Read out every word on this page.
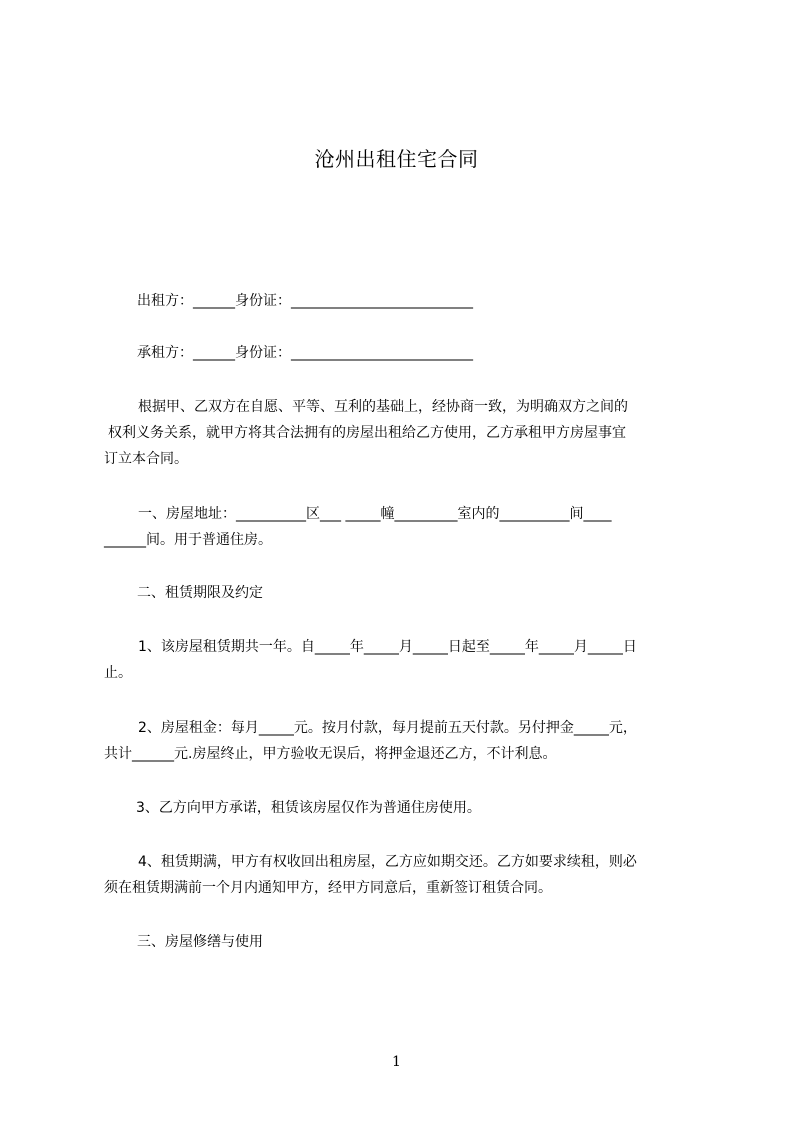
沧州出租住宅合同

出租方：______身份证：__________________________

承租方：______身份证：__________________________

根据甲、乙双方在自愿、平等、互利的基础上，经协商一致，为明确双方之间的

权利义务关系，就甲方将其合法拥有的房屋出租给乙方使用，乙方承租甲方房屋事宜

订立本合同。

一、房屋地址：__________区___ _____幢_________室内的__________间____

______间。用于普通住房。

二、租赁期限及约定

1、该房屋租赁期共一年。自_____年_____月_____日起至_____年_____月_____日

止。

2、房屋租金：每月_____元。按月付款，每月提前五天付款。另付押金_____元，

共计______元.房屋终止，甲方验收无误后，将押金退还乙方，不计利息。

3、乙方向甲方承诺，租赁该房屋仅作为普通住房使用。

4、租赁期满，甲方有权收回出租房屋，乙方应如期交还。乙方如要求续租，则必

须在租赁期满前一个月内通知甲方，经甲方同意后，重新签订租赁合同。

三、房屋修缮与使用

1
